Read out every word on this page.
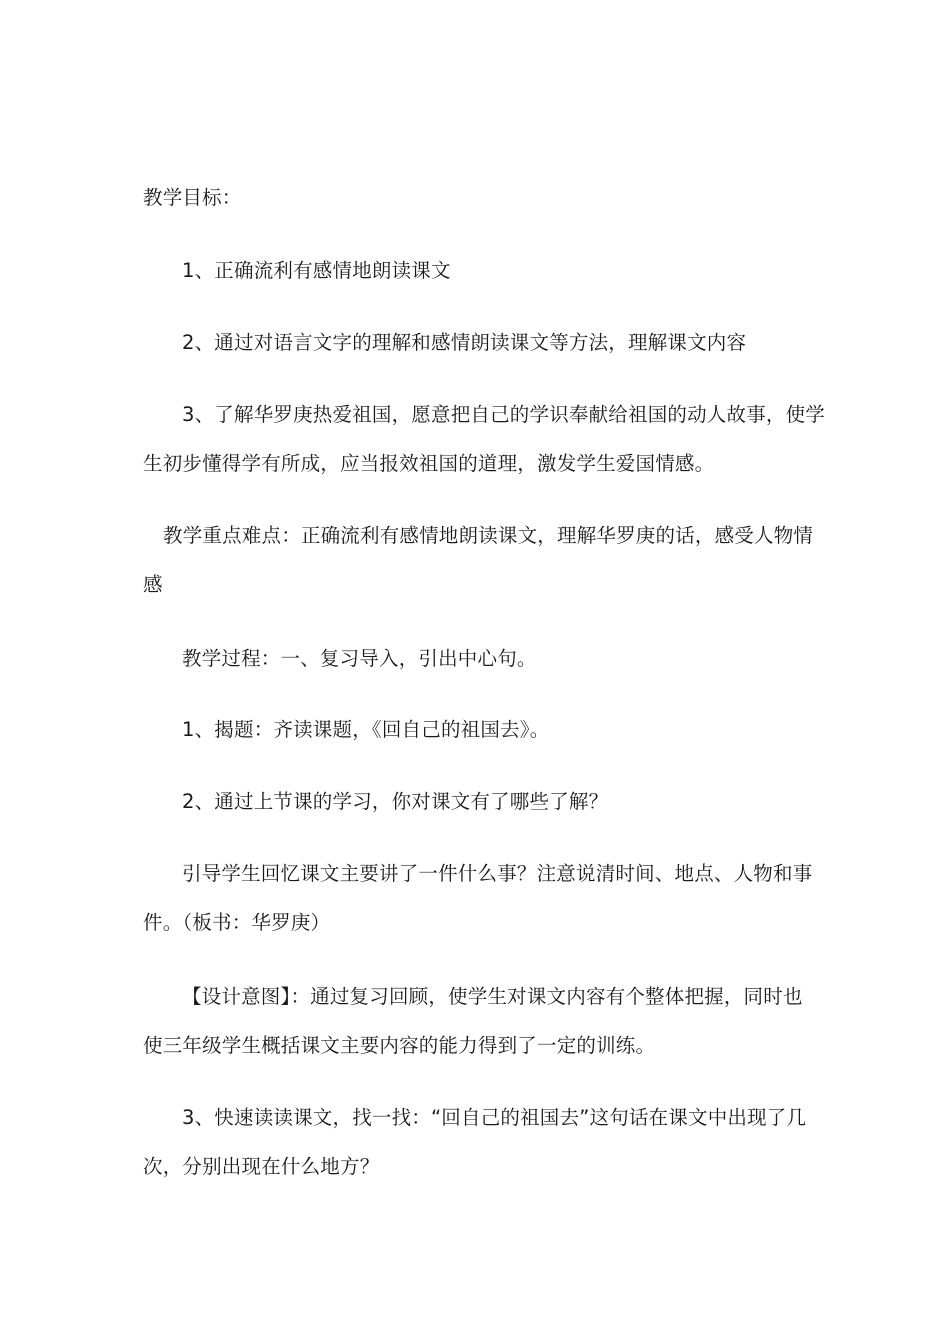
教学目标：
1、正确流利有感情地朗读课文
2、通过对语言文字的理解和感情朗读课文等方法，理解课文内容
3、了解华罗庚热爱祖国，愿意把自己的学识奉献给祖国的动人故事，使学
生初步懂得学有所成，应当报效祖国的道理，激发学生爱国情感。
教学重点难点：正确流利有感情地朗读课文，理解华罗庚的话，感受人物情
感
教学过程：一、复习导入，引出中心句。
1、揭题：齐读课题，《回自己的祖国去》。
2、通过上节课的学习，你对课文有了哪些了解？
引导学生回忆课文主要讲了一件什么事？注意说清时间、地点、人物和事
件。（板书：华罗庚）
【设计意图】：通过复习回顾，使学生对课文内容有个整体把握，同时也
使三年级学生概括课文主要内容的能力得到了一定的训练。
3、快速读读课文，找一找：“回自己的祖国去”这句话在课文中出现了几
次，分别出现在什么地方？
